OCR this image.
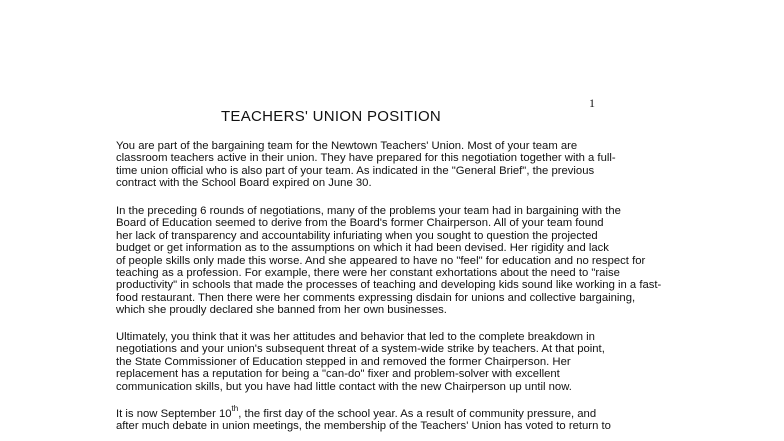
1
TEACHERS' UNION POSITION

You are part of the bargaining team for the Newtown Teachers' Union. Most of your team are
classroom teachers active in their union. They have prepared for this negotiation together with a full-
time union official who is also part of your team. As indicated in the "General Brief", the previous
contract with the School Board expired on June 30.

In the preceding 6 rounds of negotiations, many of the problems your team had in bargaining with the
Board of Education seemed to derive from the Board's former Chairperson. All of your team found
her lack of transparency and accountability infuriating when you sought to question the projected
budget or get information as to the assumptions on which it had been devised. Her rigidity and lack
of people skills only made this worse. And she appeared to have no "feel" for education and no respect for
teaching as a profession. For example, there were her constant exhortations about the need to "raise
productivity" in schools that made the processes of teaching and developing kids sound like working in a fast-
food restaurant. Then there were her comments expressing disdain for unions and collective bargaining,
which she proudly declared she banned from her own businesses.

Ultimately, you think that it was her attitudes and behavior that led to the complete breakdown in
negotiations and your union's subsequent threat of a system-wide strike by teachers. At that point,
the State Commissioner of Education stepped in and removed the former Chairperson. Her
replacement has a reputation for being a "can-do" fixer and problem-solver with excellent
communication skills, but you have had little contact with the new Chairperson up until now.

It is now September 10th, the first day of the school year. As a result of community pressure, and
after much debate in union meetings, the membership of the Teachers' Union has voted to return to
